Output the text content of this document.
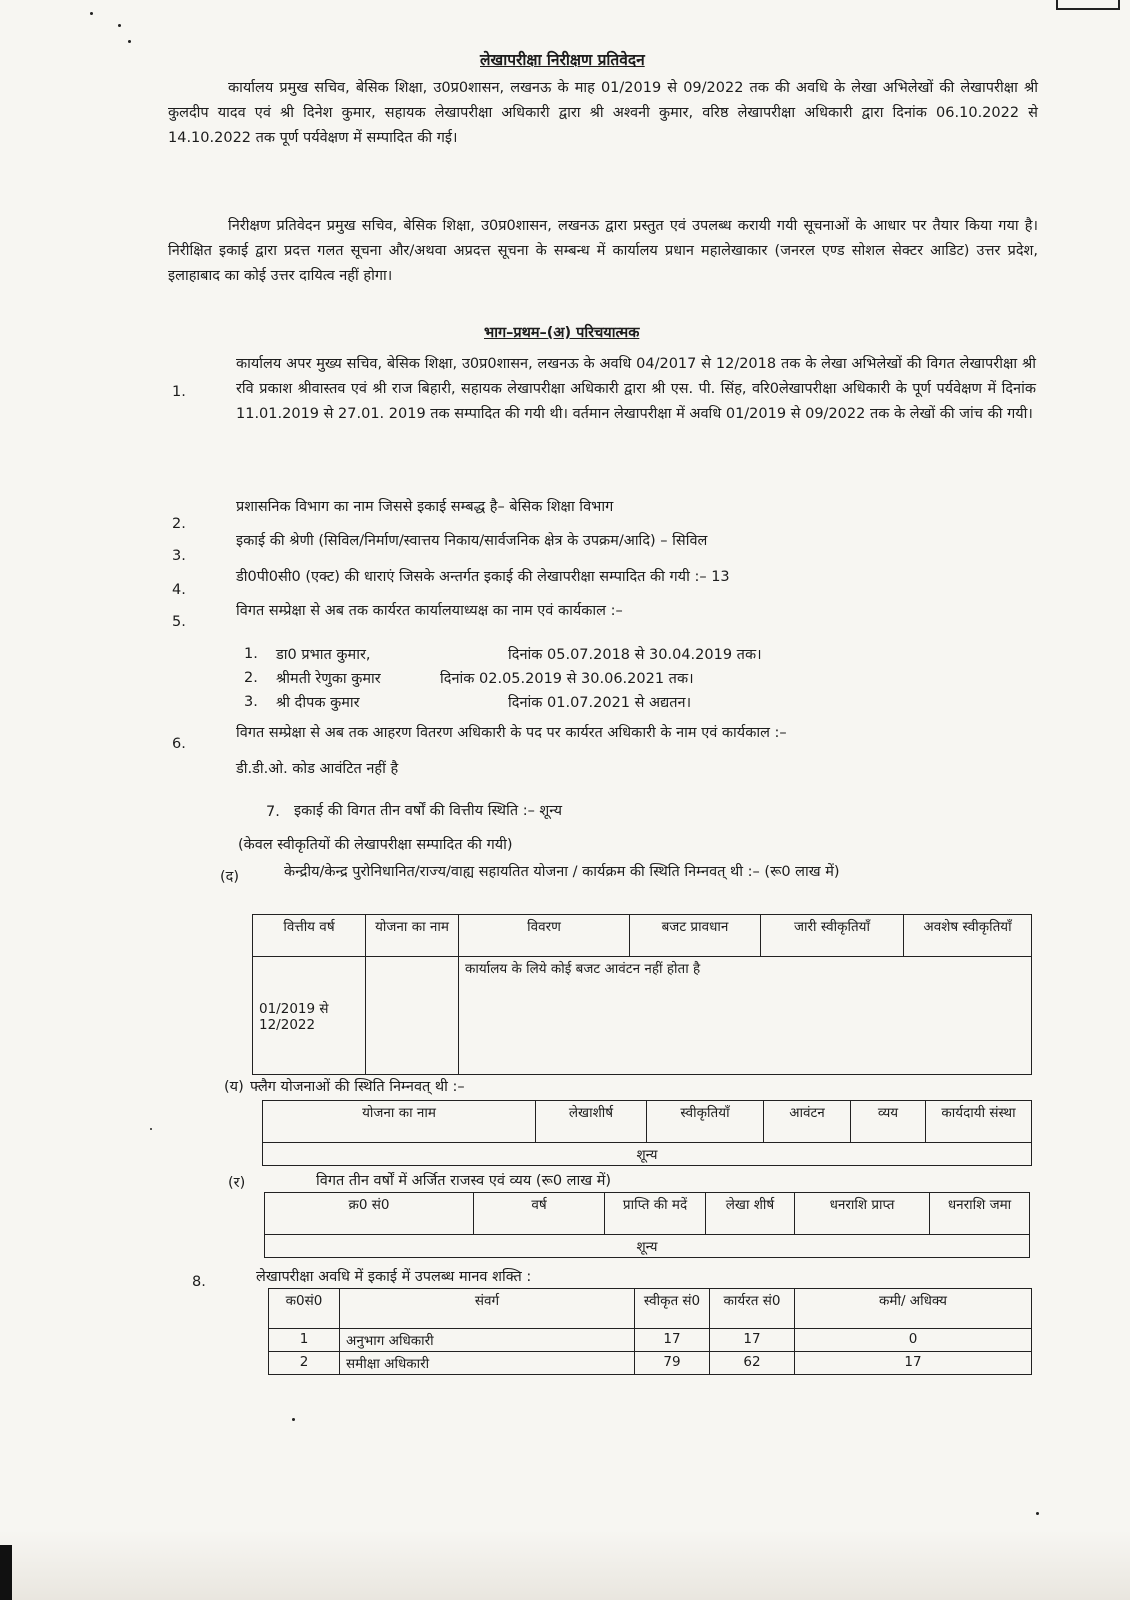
लेखापरीक्षा निरीक्षण प्रतिवेदन
कार्यालय प्रमुख सचिव, बेसिक शिक्षा, उ0प्र0शासन, लखनऊ के माह 01/2019 से 09/2022 तक की अवधि के लेखा अभिलेखों की लेखापरीक्षा श्री कुलदीप यादव एवं श्री दिनेश कुमार, सहायक लेखापरीक्षा अधिकारी द्वारा श्री अश्वनी कुमार, वरिष्ठ लेखापरीक्षा अधिकारी द्वारा दिनांक 06.10.2022 से 14.10.2022 तक पूर्ण पर्यवेक्षण में सम्पादित की गई।
निरीक्षण प्रतिवेदन प्रमुख सचिव, बेसिक शिक्षा, उ0प्र0शासन, लखनऊ द्वारा प्रस्तुत एवं उपलब्ध करायी गयी सूचनाओं के आधार पर तैयार किया गया है। निरीक्षित इकाई द्वारा प्रदत्त गलत सूचना और/अथवा अप्रदत्त सूचना के सम्बन्ध में कार्यालय प्रधान महालेखाकार (जनरल एण्ड सोशल सेक्टर आडिट) उत्तर प्रदेश, इलाहाबाद का कोई उत्तर दायित्व नहीं होगा।
भाग–प्रथम–(अ) परिचयात्मक
1.
कार्यालय अपर मुख्य सचिव, बेसिक शिक्षा, उ0प्र0शासन, लखनऊ के अवधि 04/2017 से 12/2018 तक के लेखा अभिलेखों की विगत लेखापरीक्षा श्री रवि प्रकाश श्रीवास्तव एवं श्री राज बिहारी, सहायक लेखापरीक्षा अधिकारी द्वारा श्री एस. पी. सिंह, वरि0लेखापरीक्षा अधिकारी के पूर्ण पर्यवेक्षण में दिनांक 11.01.2019 से 27.01. 2019 तक सम्पादित की गयी थी। वर्तमान लेखापरीक्षा में अवधि 01/2019 से 09/2022 तक के लेखों की जांच की गयी।
2.
प्रशासनिक विभाग का नाम जिससे इकाई सम्बद्ध है– बेसिक शिक्षा विभाग
3.
इकाई की श्रेणी (सिविल/निर्माण/स्वात्तय निकाय/सार्वजनिक क्षेत्र के उपक्रम/आदि) – सिविल
4.
डी0पी0सी0 (एक्ट) की धाराएं जिसके अन्तर्गत इकाई की लेखापरीक्षा सम्पादित की गयी :– 13
5.
विगत सम्प्रेक्षा से अब तक कार्यरत कार्यालयाध्यक्ष का नाम एवं कार्यकाल :–
1. डा0 प्रभात कुमार,	दिनांक 05.07.2018 से 30.04.2019 तक।
2. श्रीमती रेणुका कुमार	दिनांक 02.05.2019 से 30.06.2021 तक।
3. श्री दीपक कुमार	दिनांक 01.07.2021 से अद्यतन।
6.
विगत सम्प्रेक्षा से अब तक आहरण वितरण अधिकारी के पद पर कार्यरत अधिकारी के नाम एवं कार्यकाल :–
डी.डी.ओ. कोड आवंटित नहीं है
7. इकाई की विगत तीन वर्षों की वित्तीय स्थिति :– शून्य
(केवल स्वीकृतियों की लेखापरीक्षा सम्पादित की गयी)
(द)	केन्द्रीय/केन्द्र पुरोनिधानित/राज्य/वाह्य सहायतित योजना / कार्यक्रम की स्थिति निम्नवत् थी :– (रू0 लाख में)
वित्तीय वर्ष	योजना का नाम	विवरण	बजट प्रावधान	जारी स्वीकृतियाँ	अवशेष स्वीकृतियाँ
01/2019 से 12/2022		कार्यालय के लिये कोई बजट आवंटन नहीं होता है			
(य) फ्लैग योजनाओं की स्थिति निम्नवत् थी :–
योजना का नाम	लेखाशीर्ष	स्वीकृतियाँ	आवंटन	व्यय	कार्यदायी संस्था
शून्य
(र)	विगत तीन वर्षों में अर्जित राजस्व एवं व्यय (रू0 लाख में)
क्र0 सं0	वर्ष	प्राप्ति की मदें	लेखा शीर्ष	धनराशि प्राप्त	धनराशि जमा
शून्य
8.	लेखापरीक्षा अवधि में इकाई में उपलब्ध मानव शक्ति :
क0सं0	संवर्ग	स्वीकृत सं0	कार्यरत सं0	कमी/ अधिक्य
1	अनुभाग अधिकारी	17	17	0
2	समीक्षा अधिकारी	79	62	17
